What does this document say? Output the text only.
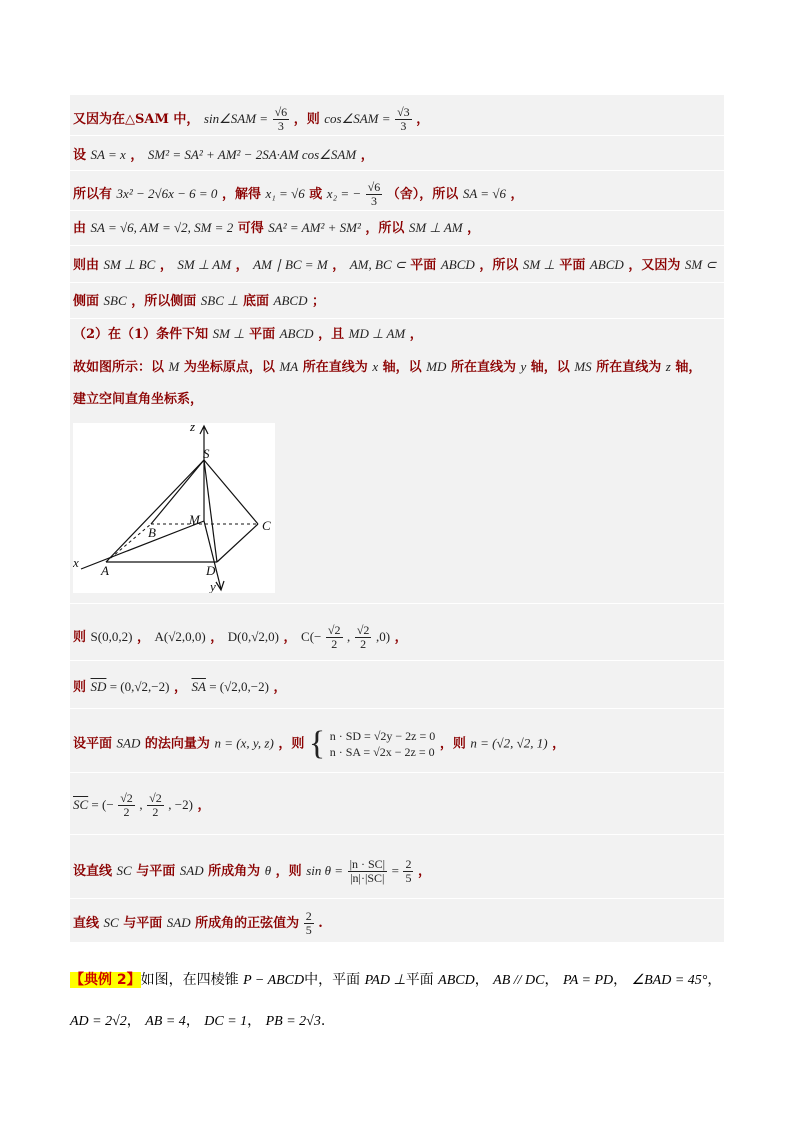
又因为在△SAM 中， sin∠SAM = $\frac{√6}{3}$ ，则 cos∠SAM = $\frac{√3}{3}$ ，
设 SA = x ， SM² = SA² + AM² − 2SA·AM cos∠SAM ，
所以有 3x² − 2√6x − 6 = 0 ，解得 x₁ = √6 或 x₂ = − $\frac{√6}{3}$ （舍），所以 SA = √6 ，
由 SA = √6, AM = √2, SM = 2 可得 SA² = AM² + SM² ，所以 SM ⊥ AM ，
则由 SM ⊥ BC ， SM ⊥ AM ， AM ∣ BC = M ， AM, BC ⊂ 平面 ABCD ，所以 SM ⊥ 平面 ABCD ，又因为 SM ⊂
侧面 SBC ，所以侧面 SBC ⊥ 底面 ABCD ；
（2）在（1）条件下知 SM ⊥ 平面 ABCD ，且 MD ⊥ AM ，
故如图所示：以 M 为坐标原点，以 MA 所在直线为 x 轴，以 MD 所在直线为 y 轴，以 MS 所在直线为 z 轴，
建立空间直角坐标系，
z
S
M	C
B
x
A	D
y
则 S(0,0,2) ， A(√2,0,0) ， D(0,√2,0) ， $C(- \frac{√2}{2}$ , $\frac{√2}{2} ,0$) ，
则 $\overline{SD} = (0,√2,-2)$ ， $\overline{SA} = (√2,0,-2)$ ，
设平面 SAD 的法向量为 n = (x, y, z) ，则 { n · SD = √2y − 2z = 0
n · SA = √2x − 2z = 0
，则 n = (√2, √2, 1) ，
$\overline{SC}$ = (− $\frac{√2}{2}$ , $\frac{√2}{2}$ , −2) ，
设直线 SC 与平面 SAD 所成角为 θ ，则 $\sin \theta = \frac{|n \cdot SC|}{|n|\cdot|SC|} = \frac{2}{5}$ ，
直线 SC 与平面 SAD 所成角的正弦值为 $\frac{2}{5}$ .
【典例 2】如图，在四棱锥 P − ABCD中，平面 PAD ⊥平面 ABCD， AB // DC， PA = PD， ∠BAD = 45°，
AD = 2√2， AB = 4， DC = 1， PB = 2√3.
